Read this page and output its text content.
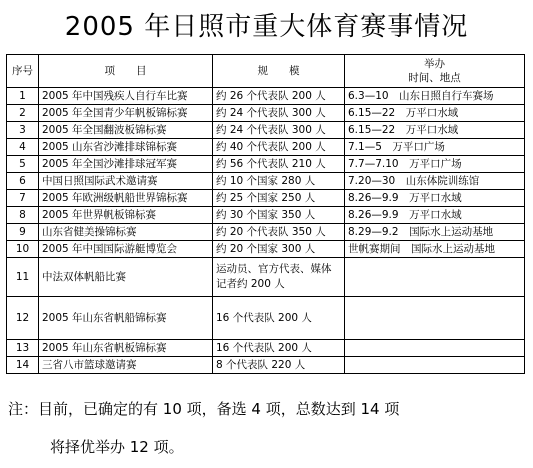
2005 年日照市重大体育赛事情况
序号	项　　目	规　　模	举办
时间、地点

1	2005 年中国残疾人自行车比赛	约 26 个代表队 200 人	6.3—10　山东日照自行车赛场
2	2005 年全国青少年帆板锦标赛	约 24 个代表队 300 人	6.15—22　万平口水域
3	2005 年全国翻波板锦标赛	约 24 个代表队 300 人	6.15—22　万平口水域
4	2005 山东省沙滩排球锦标赛	约 40 个代表队 200 人	7.1—5　万平口广场
5	2005 年全国沙滩排球冠军赛	约 56 个代表队 210 人	7.7—7.10　万平口广场
6	中国日照国际武术邀请赛	约 10 个国家 280 人	7.20—30　山东体院训练馆
7	2005 年欧洲级帆船世界锦标赛	约 25 个国家 250 人	8.26—9.9　万平口水域
8	2005 年世界帆板锦标赛	约 30 个国家 350 人	8.26—9.9　万平口水域
9	山东省健美操锦标赛	约 20 个代表队 350 人	8.29—9.2　国际水上运动基地
10	2005 年中国国际游艇博览会	约 20 个国家 300 人	世帆赛期间　国际水上运动基地
11	中法双体帆船比赛	运动员、官方代表、媒体记者约 200 人	
12	2005 年山东省帆船锦标赛	16 个代表队 200 人	
13	2005 年山东省帆板锦标赛	16 个代表队 200 人	
14	三省八市篮球邀请赛	8 个代表队 220 人	
注：目前，已确定的有 10 项，备选 4 项，总数达到 14 项
将择优举办 12 项。
